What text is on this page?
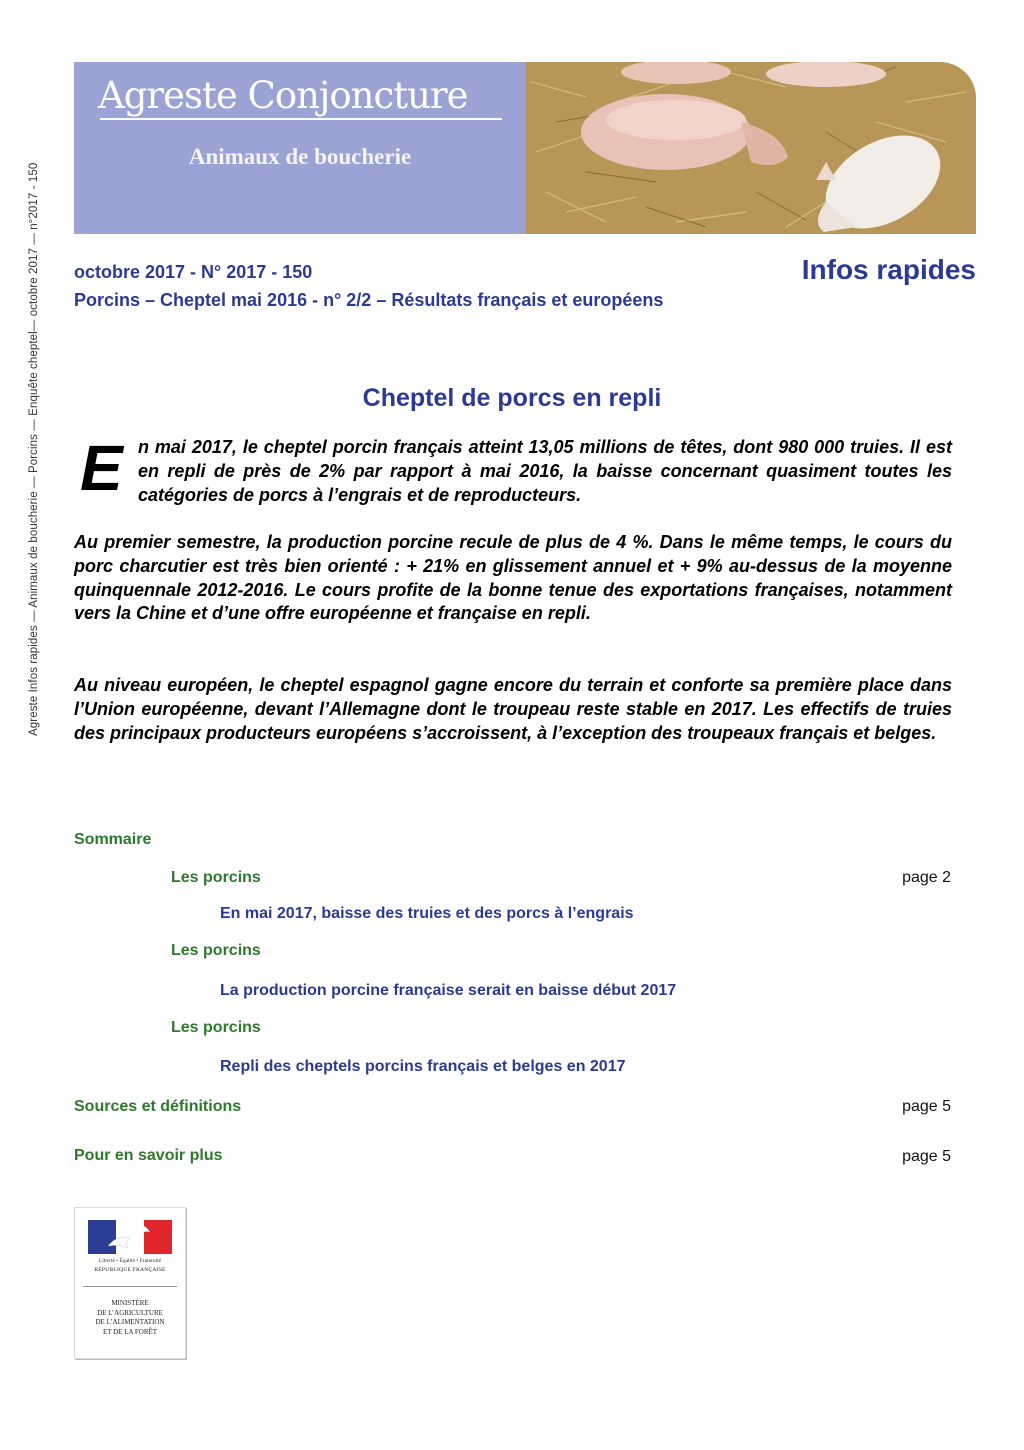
Agreste Infos rapides — Animaux de boucherie — Porcins — Enquête cheptel— octobre 2017 — n°2017 - 150
Agreste Conjoncture
Animaux de boucherie
octobre 2017 - N° 2017 - 150	Infos rapides
Porcins – Cheptel mai 2016 - n° 2/2 – Résultats français et européens
Cheptel de porcs en repli
E n mai 2017, le cheptel porcin français atteint 13,05 millions de têtes, dont 980 000 truies. Il est en repli de près de 2% par rapport à mai 2016, la baisse concernant quasiment toutes les catégories de porcs à l’engrais et de reproducteurs.
Au premier semestre, la production porcine recule de plus de 4 %. Dans le même temps, le cours du porc charcutier est très bien orienté : + 21% en glissement annuel et + 9% au-dessus de la moyenne quinquennale 2012-2016. Le cours profite de la bonne tenue des exportations françaises, notamment vers la Chine et d’une offre européenne et française en repli.
Au niveau européen, le cheptel espagnol gagne encore du terrain et conforte sa première place dans l’Union européenne, devant l’Allemagne dont le troupeau reste stable en 2017. Les effectifs de truies des principaux producteurs européens s’accroissent, à l’exception des troupeaux français et belges.
Sommaire
Les porcins	page 2
En mai 2017, baisse des truies et des porcs à l’engrais
Les porcins
La production porcine française serait en baisse début 2017
Les porcins
Repli des cheptels porcins français et belges en 2017
Sources et définitions	page 5
Pour en savoir plus	page 5
Liberté • Égalité • Fraternité
RÉPUBLIQUE FRANÇAISE
MINISTÈRE
DE L’AGRICULTURE
DE L’ALIMENTATION
ET DE LA FORÊT
